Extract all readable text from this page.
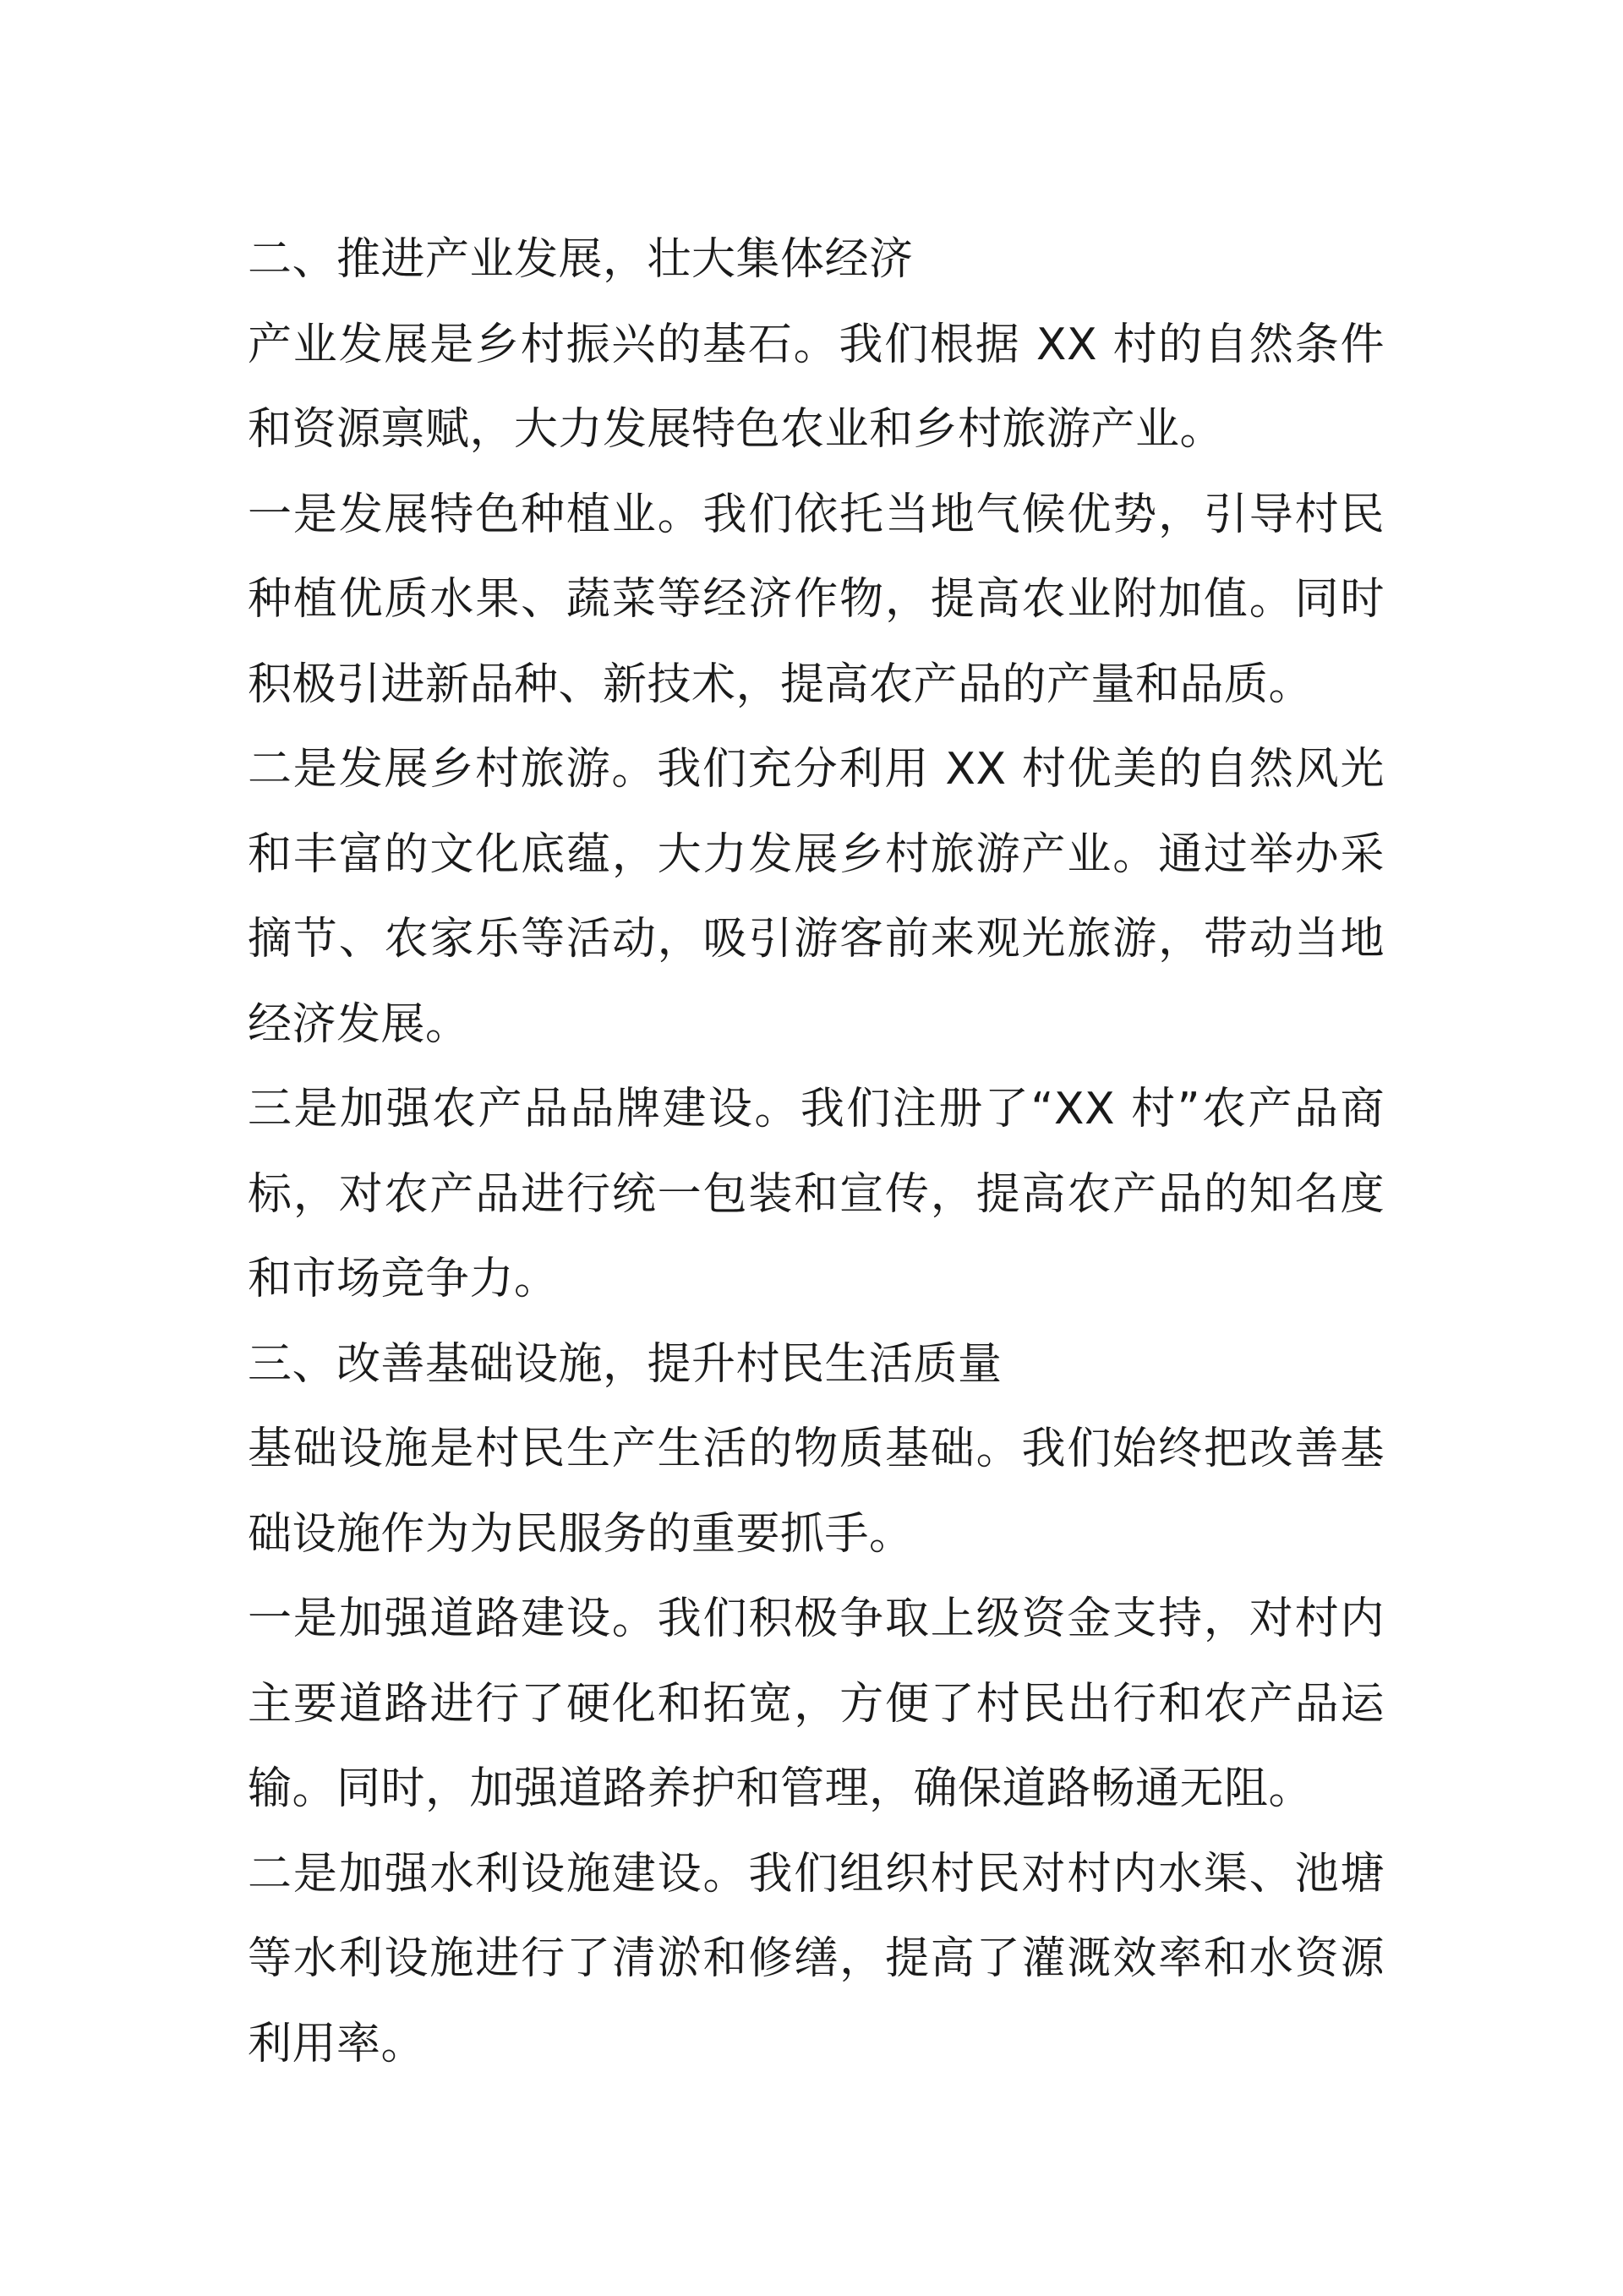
二、推进产业发展，壮大集体经济

产业发展是乡村振兴的基石。我们根据 XX 村的自然条件和资源禀赋，大力发展特色农业和乡村旅游产业。

一是发展特色种植业。我们依托当地气候优势，引导村民种植优质水果、蔬菜等经济作物，提高农业附加值。同时积极引进新品种、新技术，提高农产品的产量和品质。

二是发展乡村旅游。我们充分利用 XX 村优美的自然风光和丰富的文化底蕴，大力发展乡村旅游产业。通过举办采摘节、农家乐等活动，吸引游客前来观光旅游，带动当地经济发展。

三是加强农产品品牌建设。我们注册了“XX 村”农产品商标，对农产品进行统一包装和宣传，提高农产品的知名度和市场竞争力。

三、改善基础设施，提升村民生活质量

基础设施是村民生产生活的物质基础。我们始终把改善基础设施作为为民服务的重要抓手。

一是加强道路建设。我们积极争取上级资金支持，对村内主要道路进行了硬化和拓宽，方便了村民出行和农产品运输。同时，加强道路养护和管理，确保道路畅通无阻。

二是加强水利设施建设。我们组织村民对村内水渠、池塘等水利设施进行了清淤和修缮，提高了灌溉效率和水资源利用率。
